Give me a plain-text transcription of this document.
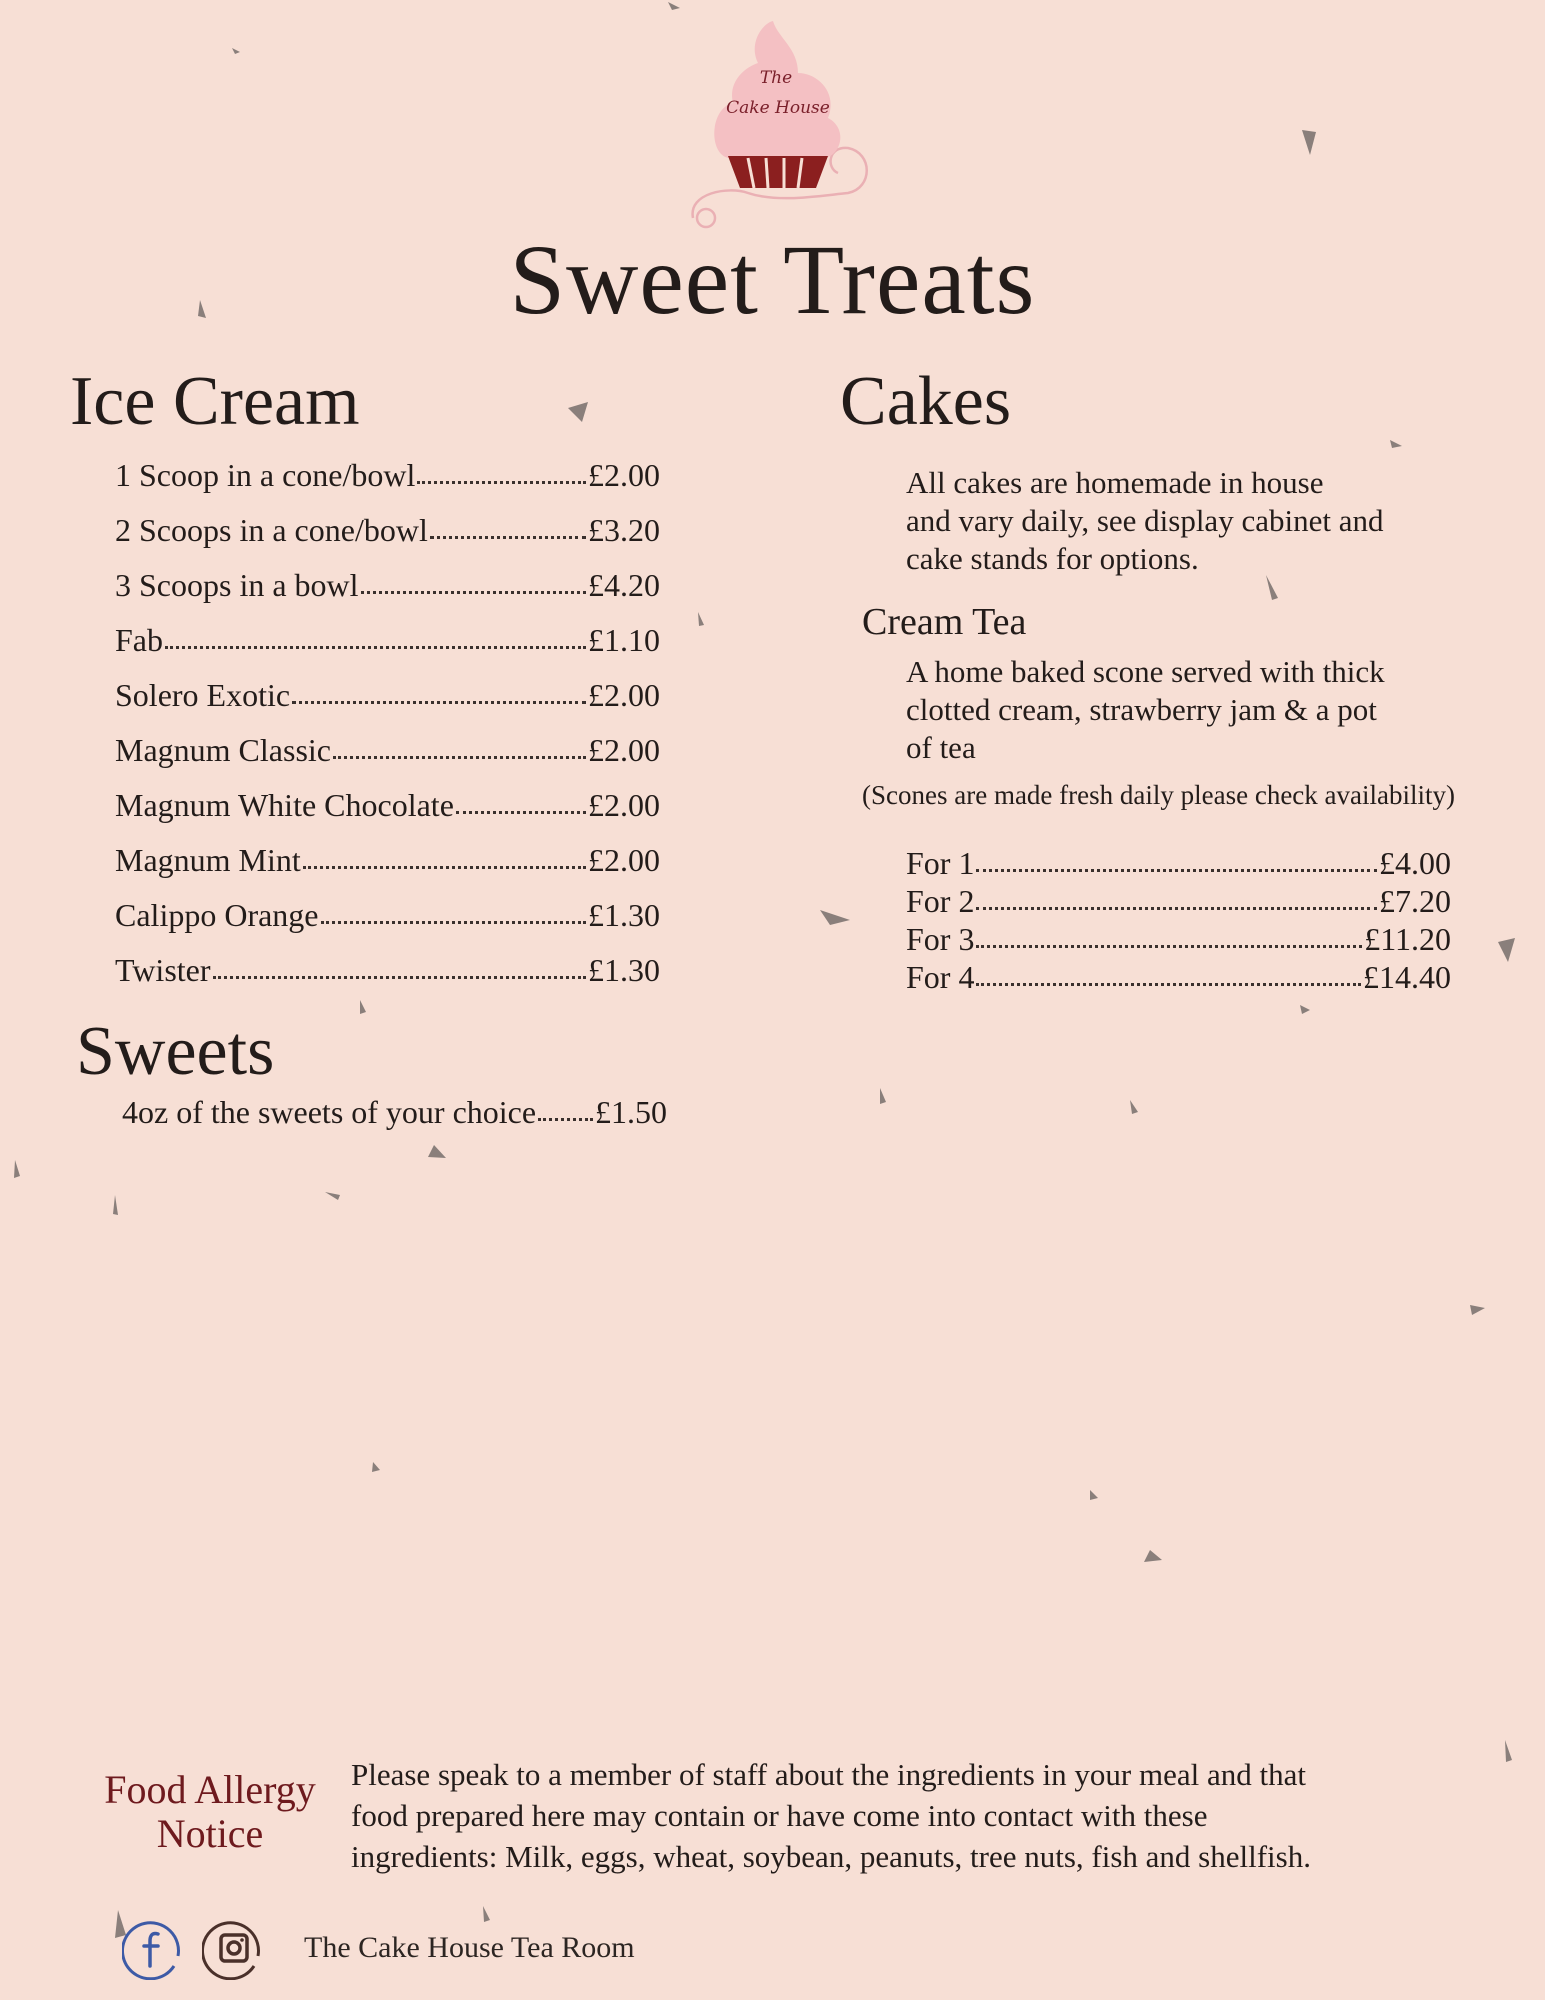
The
Cake House
Sweet Treats
Ice Cream
1 Scoop in a cone/bowl	£2.00
2 Scoops in a cone/bowl	£3.20
3 Scoops in a bowl	£4.20
Fab	£1.10
Solero Exotic	£2.00
Magnum Classic	£2.00
Magnum White Chocolate	£2.00
Magnum Mint	£2.00
Calippo Orange	£1.30
Twister	£1.30
Sweets
4oz of the sweets of your choice £1.50
Cakes
All cakes are homemade in house
and vary daily, see display cabinet and
cake stands for options.
Cream Tea
A home baked scone served with thick
clotted cream, strawberry jam & a pot
of tea
(Scones are made fresh daily please check availability)
For 1	£4.00
For 2	£7.20
For 3	£11.20
For 4	£14.40
Food Allergy
Notice
Please speak to a member of staff about the ingredients in your meal and that
food prepared here may contain or have come into contact with these
ingredients: Milk, eggs, wheat, soybean, peanuts, tree nuts, fish and shellfish.
The Cake House Tea Room
